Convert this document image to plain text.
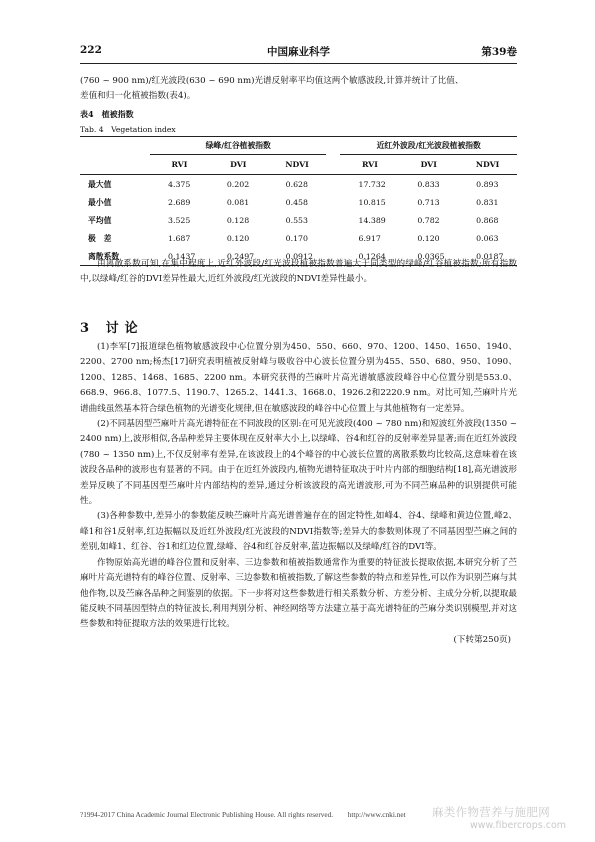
222	中国麻业科学	第39卷

(760 ~ 900 nm)/红光波段(630 ~ 690 nm)光谱反射率平均值这两个敏感波段,计算并统计了比值、

差值和归一化植被指数(表4)。

表4　植被指数
Tab. 4　Vegetation index
	绿峰/红谷植被指数				近红外波段/红光波段植被指数		
	RVI	DVI	NDVI		RVI	DVI	NDVI
最大值	4.375	0.202	0.628		17.732	0.833	0.893
最小值	2.689	0.081	0.458		10.815	0.713	0.831
平均值	3.525	0.128	0.553		14.389	0.782	0.868
极　差	1.687	0.120	0.170		6.917	0.120	0.063
离散系数	0.1437	0.2497	0.0912		0.1264	0.0365	0.0187

由离散系数可知,在集中程度上,近红外波段/红光波段植被指数普遍大于同类型的绿峰/红谷植被指数;所有指数中,以绿峰/红谷的DVI差异性最大,近红外波段/红光波段的NDVI差异性最小。

3 讨论

(1)李军[7]报道绿色植物敏感波段中心位置分别为450、550、660、970、1200、1450、1650、1940、2200、2700 nm;杨杰[17]研究表明植被反射峰与吸收谷中心波长位置分别为455、550、680、950、1090、1200、1285、1468、1685、2200 nm。本研究获得的苎麻叶片高光谱敏感波段峰谷中心位置分别是553.0、668.9、966.8、1077.5、1190.7、1265.2、1441.3、1668.0、1926.2和2220.9 nm。对比可知,苎麻叶片光谱曲线虽然基本符合绿色植物的光谱变化规律,但在敏感波段的峰谷中心位置上与其他植物有一定差异。

(2)不同基因型苎麻叶片高光谱特征在不同波段的区别:在可见光波段(400 ~ 780 nm)和短波红外波段(1350 ~ 2400 nm)上,波形相似,各品种差异主要体现在反射率大小上,以绿峰、谷4和红谷的反射率差异显著;而在近红外波段(780 ~ 1350 nm)上,不仅反射率有差异,在该波段上的4个峰谷的中心波长位置的离散系数均比较高,这意味着在该波段各品种的波形也有显著的不同。由于在近红外波段内,植物光谱特征取决于叶片内部的细胞结构[18],高光谱波形差异反映了不同基因型苎麻叶片内部结构的差异,通过分析该波段的高光谱波形,可为不同苎麻品种的识别提供可能性。

(3)各种参数中,差异小的参数能反映苎麻叶片高光谱普遍存在的固定特性,如峰4、谷4、绿峰和黄边位置,峰2、峰1和谷1反射率,红边振幅以及近红外波段/红光波段的NDVI指数等;差异大的参数则体现了不同基因型苎麻之间的差别,如峰1、红谷、谷1和红边位置,绿峰、谷4和红谷反射率,蓝边振幅以及绿峰/红谷的DVI等。

作物原始高光谱的峰谷位置和反射率、三边参数和植被指数通常作为重要的特征波长提取依据,本研究分析了苎麻叶片高光谱特有的峰谷位置、反射率、三边参数和植被指数,了解这些参数的特点和差异性,可以作为识别苎麻与其他作物,以及苎麻各品种之间鉴别的依据。下一步将对这些参数进行相关系数分析、方差分析、主成分分析,以提取最能反映不同基因型特点的特征波长,利用判别分析、神经网络等方法建立基于高光谱特征的苎麻分类识别模型,并对这些参数和特征提取方法的效果进行比较。

(下转第250页)

?1994-2017 China Academic Journal Electronic Publishing House. All rights reserved.　　http://www.cnki.net	麻类作物营养与施肥网
www.fibercrops.com
